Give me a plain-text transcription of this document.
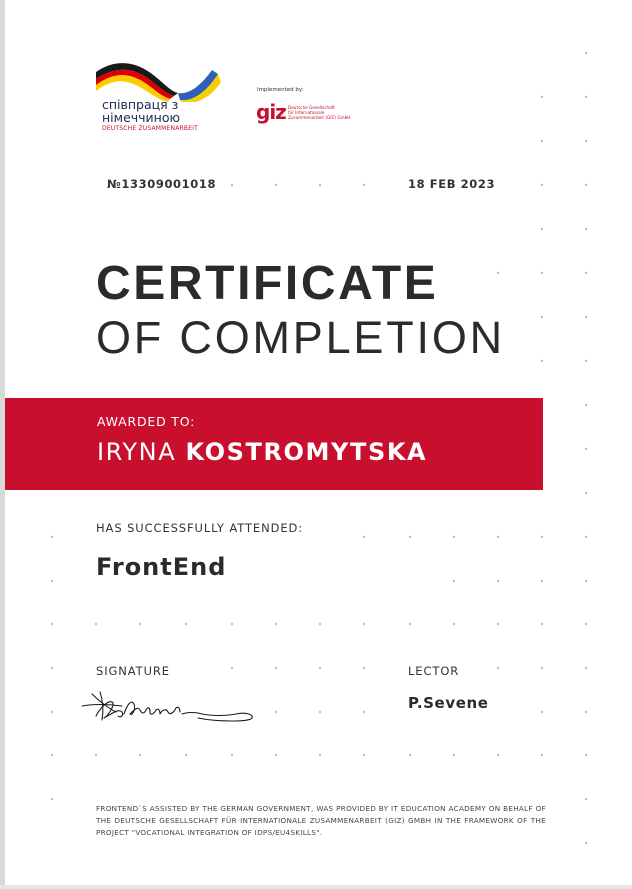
співпраця з
німеччиною
DEUTSCHE ZUSAMMENARBEIT
Implemented by:
giz Deutsche Gesellschaft
für Internationale
Zusammenarbeit (GIZ) GmbH
№13309001018	18 FEB 2023
CERTIFICATE
OF COMPLETION
AWARDED TO:
IRYNA KOSTROMYTSKA
HAS SUCCESSFULLY ATTENDED:
FrontEnd
SIGNATURE	LECTOR
P.Sevene
FRONTEND`S ASSISTED BY THE GERMAN GOVERNMENT, WAS PROVIDED BY IT EDUCATION ACADEMY ON BEHALF OF THE DEUTSCHE GESELLSCHAFT FÜR INTERNATIONALE ZUSAMMENARBEIT (GIZ) GMBH IN THE FRAMEWORK OF THE PROJECT "VOCATIONAL INTEGRATION OF IDPS/EU4SKILLS".
